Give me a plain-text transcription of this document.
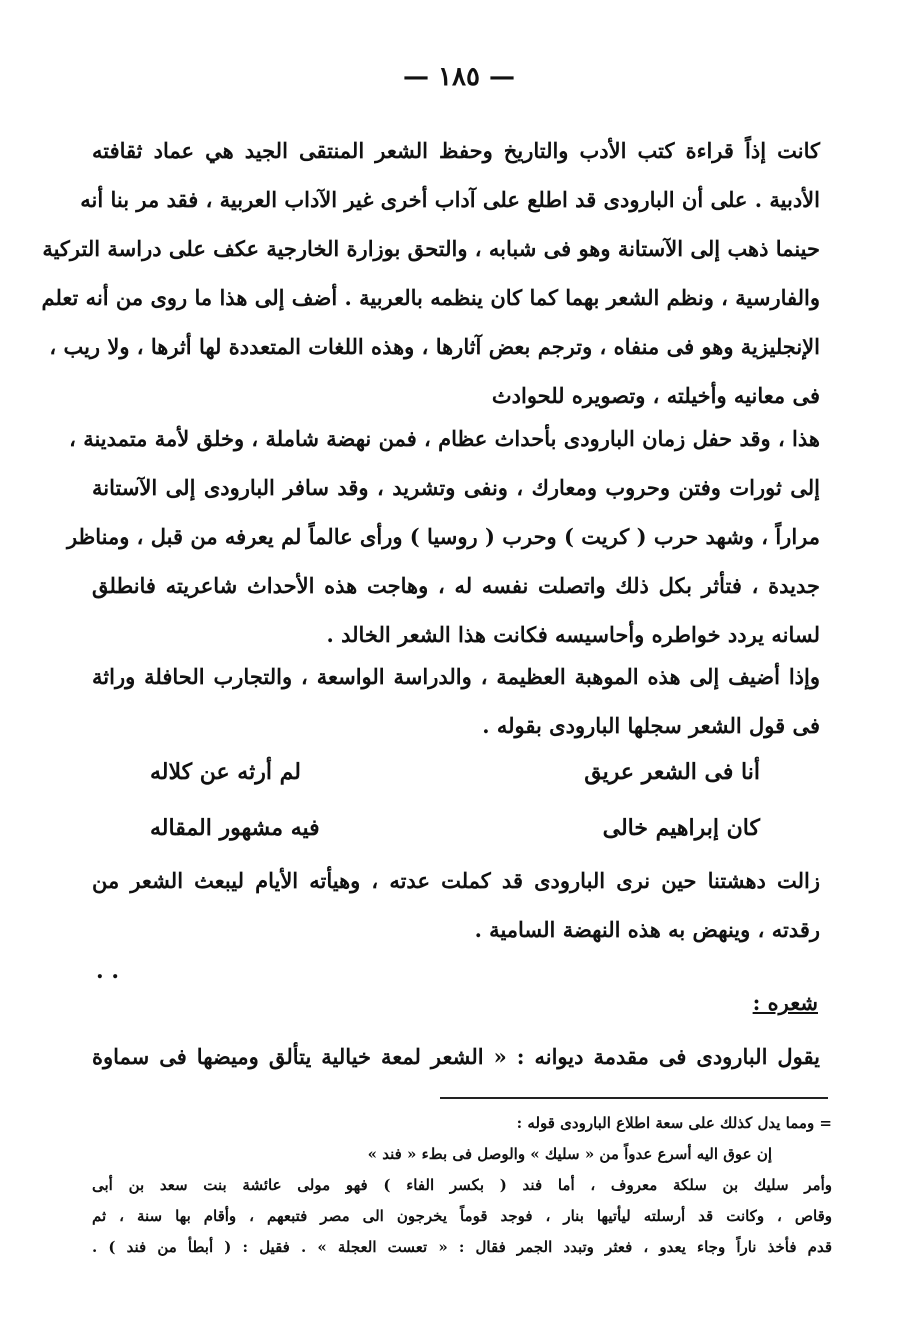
— ١٨٥ —

كانت إذاً قراءة كتب الأدب والتاريخ وحفظ الشعر المنتقى الجيد هي عماد ثقافته

الأدبية . على أن البارودى قد اطلع على آداب أخرى غير الآداب العربية ، فقد مر بنا أنه

حينما ذهب إلى الآستانة وهو فى شبابه ، والتحق بوزارة الخارجية عكف على دراسة التركية

والفارسية ، ونظم الشعر بهما كما كان ينظمه بالعربية . أضف إلى هذا ما روى من أنه تعلم

الإنجليزية وهو فى منفاه ، وترجم بعض آثارها ، وهذه اللغات المتعددة لها أثرها ، ولا ريب ،

فى معانيه وأخيلته ، وتصويره للحوادث

هذا ، وقد حفل زمان البارودى بأحداث عظام ، فمن نهضة شاملة ، وخلق لأمة متمدينة ،

إلى ثورات وفتن وحروب ومعارك ، ونفى وتشريد ، وقد سافر البارودى إلى الآستانة

مراراً ، وشهد حرب ( كريت ) وحرب ( روسيا ) ورأى عالماً لم يعرفه من قبل ، ومناظر

جديدة ، فتأثر بكل ذلك واتصلت نفسه له ، وهاجت هذه الأحداث شاعريته فانطلق

لسانه يردد خواطره وأحاسيسه فكانت هذا الشعر الخالد .

وإذا أضيف إلى هذه الموهبة العظيمة ، والدراسة الواسعة ، والتجارب الحافلة وراثة

فى قول الشعر سجلها البارودى بقوله .

أنا فى الشعر عريق
لم أرثه عن كلاله
كان إبراهيم خالى
فيه مشهور المقاله

زالت دهشتنا حين نرى البارودى قد كملت عدته ، وهيأته الأيام ليبعث الشعر من

رقدته ، وينهض به هذه النهضة السامية .

. .
شعره :
يقول البارودى فى مقدمة ديوانه : « الشعر لمعة خيالية يتألق وميضها فى سماوة

= ومما يدل كذلك على سعة اطلاع البارودى قوله :

إن عوق اليه أسرع عدواً من « سليك » والوصل فى بطء « فند »

وأمر سليك بن سلكة معروف ، أما فند ( بكسر الفاء ) فهو مولى عائشة بنت سعد بن أبى

وقاص ، وكانت قد أرسلته ليأتيها بنار ، فوجد قوماً يخرجون الى مصر فتبعهم ، وأقام بها سنة ، ثم

قدم فأخذ ناراً وجاء يعدو ، فعثر وتبدد الجمر فقال : « تعست العجلة » . فقيل : ( أبطأ من فند ) .
